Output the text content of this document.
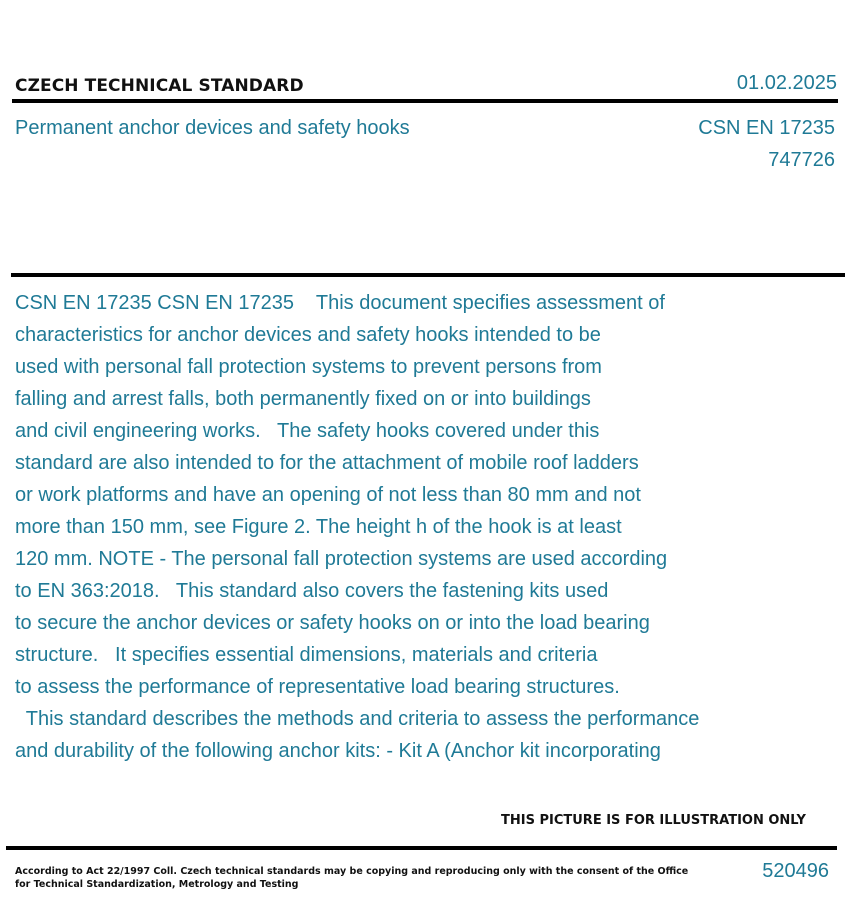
CZECH TECHNICAL STANDARD	01.02.2025
Permanent anchor devices and safety hooks	CSN EN 17235
747726

CSN EN 17235 CSN EN 17235    This document specifies assessment of
characteristics for anchor devices and safety hooks intended to be
used with personal fall protection systems to prevent persons from
falling and arrest falls, both permanently fixed on or into buildings
and civil engineering works.   The safety hooks covered under this
standard are also intended to for the attachment of mobile roof ladders
or work platforms and have an opening of not less than 80 mm and not
more than 150 mm, see Figure 2. The height h of the hook is at least
120 mm. NOTE - The personal fall protection systems are used according
to EN 363:2018.   This standard also covers the fastening kits used
to secure the anchor devices or safety hooks on or into the load bearing
structure.   It specifies essential dimensions, materials and criteria
to assess the performance of representative load bearing structures.
This standard describes the methods and criteria to assess the performance
and durability of the following anchor kits: - Kit A (Anchor kit incorporating

THIS PICTURE IS FOR ILLUSTRATION ONLY

According to Act 22/1997 Coll. Czech technical standards may be copying and reproducing only with the consent of the Office
for Technical Standardization, Metrology and Testing

520496
